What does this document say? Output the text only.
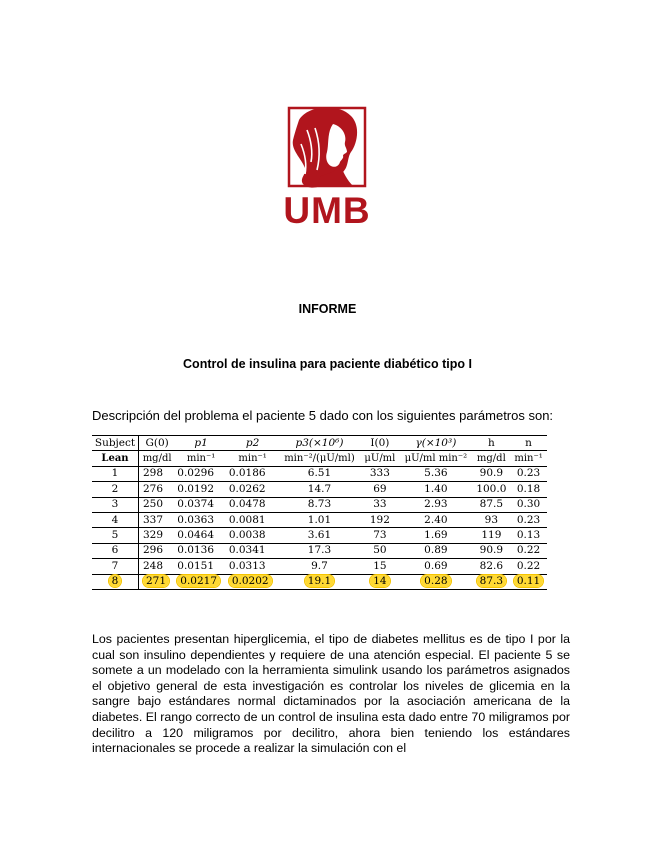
UMB
INFORME
Control de insulina para paciente diabético tipo I
Descripción del problema el paciente 5 dado con los siguientes parámetros son:
Subject	G(0)	p1	p2	p3(×10⁶)	I(0)	γ(×10³)	h	n
Lean	mg/dl	min⁻¹	min⁻¹	min⁻²/(μU/ml)	μU/ml	μU/ml min⁻²	mg/dl	min⁻¹
1	298	0.0296	0.0186	6.51	333	5.36	90.9	0.23
2	276	0.0192	0.0262	14.7	69	1.40	100.0	0.18
3	250	0.0374	0.0478	8.73	33	2.93	87.5	0.30
4	337	0.0363	0.0081	1.01	192	2.40	93	0.23
5	329	0.0464	0.0038	3.61	73	1.69	119	0.13
6	296	0.0136	0.0341	17.3	50	0.89	90.9	0.22
7	248	0.0151	0.0313	9.7	15	0.69	82.6	0.22
8	271	0.0217	0.0202	19.1	14	0.28	87.3	0.11

Los pacientes presentan hiperglicemia, el tipo de diabetes mellitus es de tipo I por la cual son insulino dependientes y requiere de una atención especial. El paciente 5 se somete a un modelado con la herramienta simulink usando los parámetros asignados el objetivo general de esta investigación es controlar los niveles de glicemia en la sangre bajo estándares normal dictaminados por la asociación americana de la diabetes. El rango correcto de un control de insulina esta dado entre 70 miligramos por decilitro a 120 miligramos por decilitro, ahora bien teniendo los estándares internacionales se procede a realizar la simulación con el
